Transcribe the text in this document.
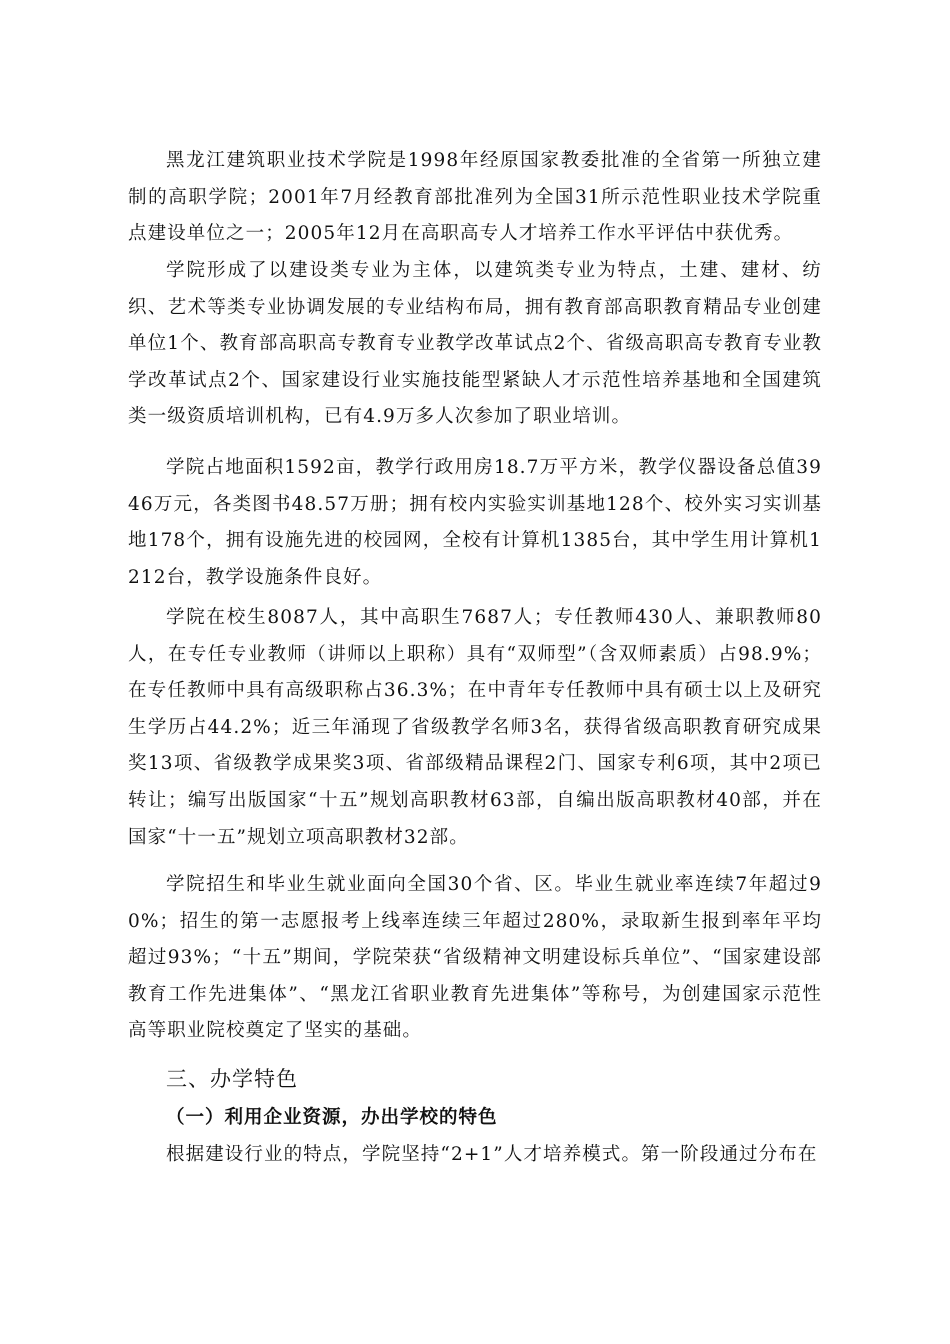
黑龙江建筑职业技术学院是1998年经原国家教委批准的全省第一所独立建制的高职学院；2001年7月经教育部批准列为全国31所示范性职业技术学院重点建设单位之一；2005年12月在高职高专人才培养工作水平评估中获优秀。

学院形成了以建设类专业为主体，以建筑类专业为特点，土建、建材、纺织、艺术等类专业协调发展的专业结构布局，拥有教育部高职教育精品专业创建单位1个、教育部高职高专教育专业教学改革试点2个、省级高职高专教育专业教学改革试点2个、国家建设行业实施技能型紧缺人才示范性培养基地和全国建筑类一级资质培训机构，已有4.9万多人次参加了职业培训。

学院占地面积1592亩，教学行政用房18.7万平方米，教学仪器设备总值3946万元，各类图书48.57万册；拥有校内实验实训基地128个、校外实习实训基地178个，拥有设施先进的校园网，全校有计算机1385台，其中学生用计算机1212台，教学设施条件良好。

学院在校生8087人，其中高职生7687人；专任教师430人、兼职教师80人，在专任专业教师（讲师以上职称）具有“双师型”（含双师素质）占98.9%；在专任教师中具有高级职称占36.3%；在中青年专任教师中具有硕士以上及研究生学历占44.2%；近三年涌现了省级教学名师3名，获得省级高职教育研究成果奖13项、省级教学成果奖3项、省部级精品课程2门、国家专利6项，其中2项已转让；编写出版国家“十五”规划高职教材63部，自编出版高职教材40部，并在国家“十一五”规划立项高职教材32部。

学院招生和毕业生就业面向全国30个省、区。毕业生就业率连续7年超过90%；招生的第一志愿报考上线率连续三年超过280%，录取新生报到率年平均超过93%；“十五”期间，学院荣获“省级精神文明建设标兵单位”、“国家建设部教育工作先进集体”、“黑龙江省职业教育先进集体”等称号，为创建国家示范性高等职业院校奠定了坚实的基础。

三、办学特色
（一）利用企业资源，办出学校的特色

根据建设行业的特点，学院坚持“2+1”人才培养模式。第一阶段通过分布在
